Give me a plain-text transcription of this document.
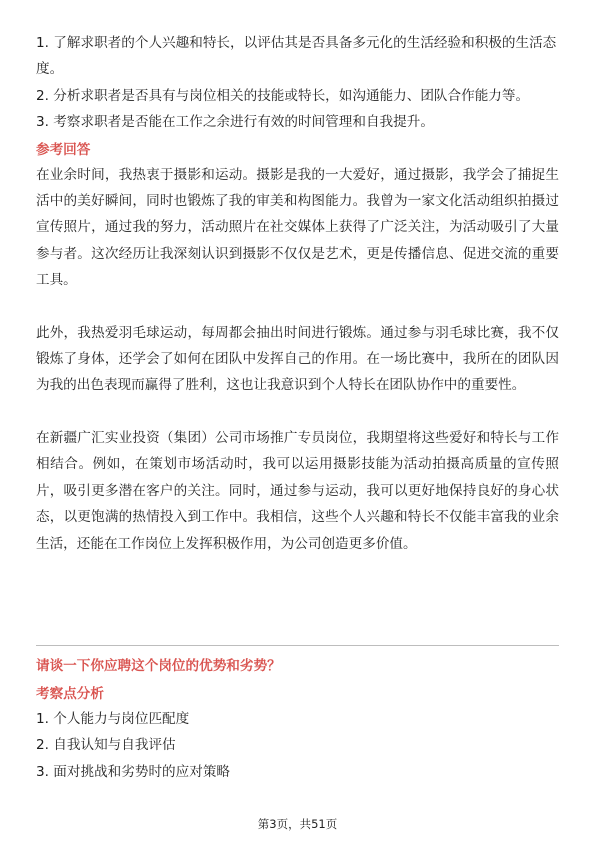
1. 了解求职者的个人兴趣和特长，以评估其是否具备多元化的生活经验和积极的生活态度。

2. 分析求职者是否具有与岗位相关的技能或特长，如沟通能力、团队合作能力等。

3. 考察求职者是否能在工作之余进行有效的时间管理和自我提升。

参考回答

在业余时间，我热衷于摄影和运动。摄影是我的一大爱好，通过摄影，我学会了捕捉生活中的美好瞬间，同时也锻炼了我的审美和构图能力。我曾为一家文化活动组织拍摄过宣传照片，通过我的努力，活动照片在社交媒体上获得了广泛关注，为活动吸引了大量参与者。这次经历让我深刻认识到摄影不仅仅是艺术，更是传播信息、促进交流的重要工具。

此外，我热爱羽毛球运动，每周都会抽出时间进行锻炼。通过参与羽毛球比赛，我不仅锻炼了身体，还学会了如何在团队中发挥自己的作用。在一场比赛中，我所在的团队因为我的出色表现而赢得了胜利，这也让我意识到个人特长在团队协作中的重要性。

在新疆广汇实业投资（集团）公司市场推广专员岗位，我期望将这些爱好和特长与工作相结合。例如，在策划市场活动时，我可以运用摄影技能为活动拍摄高质量的宣传照片，吸引更多潜在客户的关注。同时，通过参与运动，我可以更好地保持良好的身心状态，以更饱满的热情投入到工作中。我相信，这些个人兴趣和特长不仅能丰富我的业余生活，还能在工作岗位上发挥积极作用，为公司创造更多价值。

请谈一下你应聘这个岗位的优势和劣势？

考察点分析

1. 个人能力与岗位匹配度

2. 自我认知与自我评估

3. 面对挑战和劣势时的应对策略

第3页，共51页
